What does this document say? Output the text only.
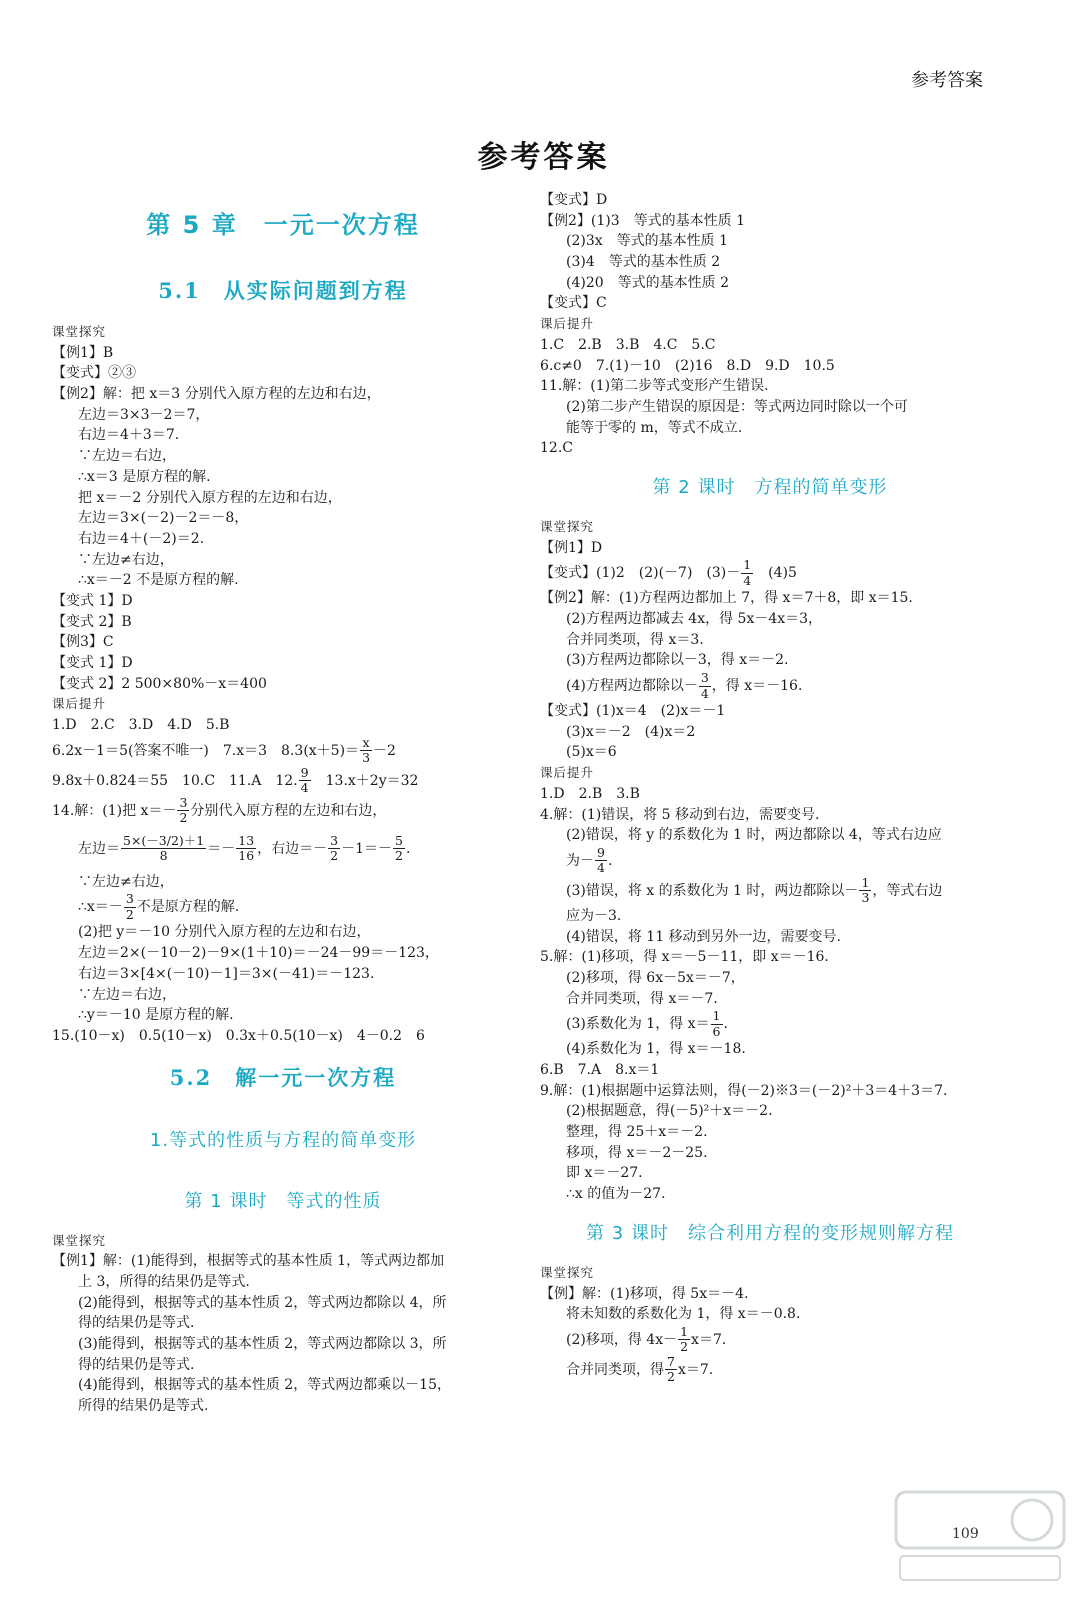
参考答案
参考答案
第 5 章　一元一次方程
5.1　从实际问题到方程
课堂探究
【例1】B
【变式】②③
【例2】解：把 x＝3 分别代入原方程的左边和右边，
左边＝3×3－2＝7，
右边＝4＋3＝7.
∵左边＝右边，
∴x＝3 是原方程的解.
把 x＝－2 分别代入原方程的左边和右边，
左边＝3×(－2)－2＝－8，
右边＝4＋(－2)＝2.
∵左边≠右边，
∴x＝－2 不是原方程的解.
【变式 1】D
【变式 2】B
【例3】C
【变式 1】D
【变式 2】2 500×80%－x＝400
课后提升
1.D　2.C　3.D　4.D　5.B
6.2x－1＝5(答案不唯一)　7.x＝3　$8.3(x+5)= \frac{x}{3} -2$
9.8x＋0.824＝55　10.C　11.A　12. $\frac{9}{4}$ 　13.x＋2y＝32
14.解：(1)把 $x=- \frac{3}{2}$ 分别代入原方程的左边和右边，
左边＝ $\frac{5\times(-3/2)+1}{8} =- \frac{13}{16}$ ，右边＝－ $\frac{3}{2} -1=- \frac{5}{2}$ .
∵左边≠右边，
∴x＝－ $\frac{3}{2}$ 不是原方程的解.
(2)把 y＝－10 分别代入原方程的左边和右边，
左边＝2×(－10－2)－9×(1＋10)＝－24－99＝－123，
右边＝3×[4×(－10)－1]＝3×(－41)＝－123.
∵左边＝右边，
∴y＝－10 是原方程的解.
15.(10－x)　0.5(10－x)　0.3x＋0.5(10－x)　4－0.2　6
5.2　解一元一次方程
1.等式的性质与方程的简单变形
第 1 课时　等式的性质
课堂探究
【例1】解：(1)能得到，根据等式的基本性质 1，等式两边都加
上 3，所得的结果仍是等式.
(2)能得到，根据等式的基本性质 2，等式两边都除以 4，所
得的结果仍是等式.
(3)能得到，根据等式的基本性质 2，等式两边都除以 3，所
得的结果仍是等式.
(4)能得到，根据等式的基本性质 2，等式两边都乘以－15，
所得的结果仍是等式.
【变式】D
【例2】(1)3　等式的基本性质 1
(2)3x　等式的基本性质 1
(3)4　等式的基本性质 2
(4)20　等式的基本性质 2
【变式】C
课后提升
1.C　2.B　3.B　4.C　5.C
6.c≠0　7.(1)－10　(2)16　8.D　9.D　10.5
11.解：(1)第二步等式变形产生错误.
(2)第二步产生错误的原因是：等式两边同时除以一个可
能等于零的 m，等式不成立.
12.C
第 2 课时　方程的简单变形
课堂探究
【例1】D
【变式】(1)2　(2)(－7)　$(3)- \frac{1}{4}$ 　(4)5
【例2】解：(1)方程两边都加上 7，得 x＝7＋8，即 x＝15.
(2)方程两边都减去 4x，得 5x－4x＝3，
合并同类项，得 x＝3.
(3)方程两边都除以－3，得 x＝－2.
(4)方程两边都除以－ $\frac{3}{4}$ ，得 x＝－16.
【变式】(1)x＝4　(2)x＝－1
(3)x＝－2　(4)x＝2
(5)x＝6
课后提升
1.D　2.B　3.B
4.解：(1)错误，将 5 移动到右边，需要变号.
(2)错误，将 y 的系数化为 1 时，两边都除以 4，等式右边应
为－ $\frac{9}{4}$ .
(3)错误，将 x 的系数化为 1 时，两边都除以－ $\frac{1}{3}$ ，等式右边
应为－3.
(4)错误，将 11 移动到另外一边，需要变号.
5.解：(1)移项，得 x＝－5－11，即 x＝－16.
(2)移项，得 6x－5x＝－7，
合并同类项，得 x＝－7.
(3)系数化为 1，得 $x= \frac{1}{6}$ .
(4)系数化为 1，得 x＝－18.
6.B　7.A　8.x＝1
9.解：(1)根据题中运算法则，得(－2)※3＝(－2)²＋3＝4＋3＝7.
(2)根据题意，得(－5)²＋x＝－2.
整理，得 25＋x＝－2.
移项，得 x＝－2－25.
即 x＝－27.
∴x 的值为－27.
第 3 课时　综合利用方程的变形规则解方程
课堂探究
【例】解：(1)移项，得 5x＝－4.
将未知数的系数化为 1，得 x＝－0.8.
(2)移项，得 $4x- \frac{1}{2} x=7$.
合并同类项，得 $\frac{7}{2} x=7$.
109
